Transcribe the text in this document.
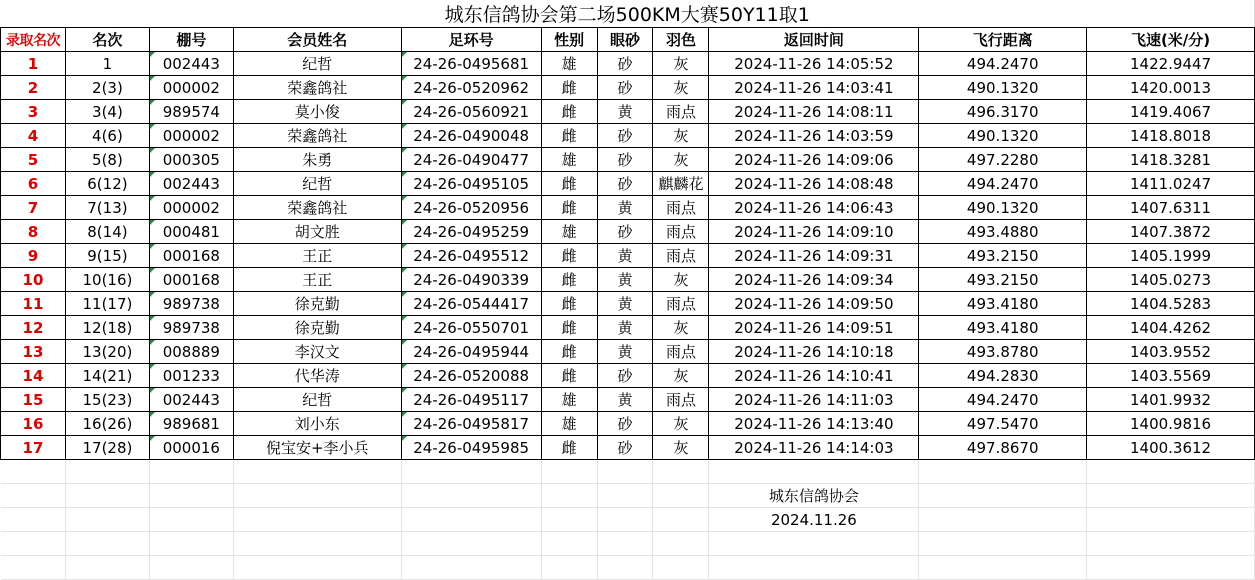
城东信鸽协会第二场500KM大赛50Y11取1										
录取名次	名次	棚号	会员姓名	足环号	性别	眼砂	羽色	返回时间	飞行距离	飞速(米/分)
1	1	002443	纪哲	24-26-0495681	雄	砂	灰	2024-11-26 14:05:52	494.2470	1422.9447
2	2(3)	000002	荣鑫鸽社	24-26-0520962	雌	砂	灰	2024-11-26 14:03:41	490.1320	1420.0013
3	3(4)	989574	莫小俊	24-26-0560921	雌	黄	雨点	2024-11-26 14:08:11	496.3170	1419.4067
4	4(6)	000002	荣鑫鸽社	24-26-0490048	雌	砂	灰	2024-11-26 14:03:59	490.1320	1418.8018
5	5(8)	000305	朱勇	24-26-0490477	雄	砂	灰	2024-11-26 14:09:06	497.2280	1418.3281
6	6(12)	002443	纪哲	24-26-0495105	雌	砂	麒麟花	2024-11-26 14:08:48	494.2470	1411.0247
7	7(13)	000002	荣鑫鸽社	24-26-0520956	雌	黄	雨点	2024-11-26 14:06:43	490.1320	1407.6311
8	8(14)	000481	胡文胜	24-26-0495259	雄	砂	雨点	2024-11-26 14:09:10	493.4880	1407.3872
9	9(15)	000168	王正	24-26-0495512	雌	黄	雨点	2024-11-26 14:09:31	493.2150	1405.1999
10	10(16)	000168	王正	24-26-0490339	雌	黄	灰	2024-11-26 14:09:34	493.2150	1405.0273
11	11(17)	989738	徐克勤	24-26-0544417	雌	黄	雨点	2024-11-26 14:09:50	493.4180	1404.5283
12	12(18)	989738	徐克勤	24-26-0550701	雌	黄	灰	2024-11-26 14:09:51	493.4180	1404.4262
13	13(20)	008889	李汉文	24-26-0495944	雌	黄	雨点	2024-11-26 14:10:18	493.8780	1403.9552
14	14(21)	001233	代华涛	24-26-0520088	雌	砂	灰	2024-11-26 14:10:41	494.2830	1403.5569
15	15(23)	002443	纪哲	24-26-0495117	雄	黄	雨点	2024-11-26 14:11:03	494.2470	1401.9932
16	16(26)	989681	刘小东	24-26-0495817	雄	砂	灰	2024-11-26 14:13:40	497.5470	1400.9816
17	17(28)	000016	倪宝安+李小兵	24-26-0495985	雌	砂	灰	2024-11-26 14:14:03	497.8670	1400.3612

								城东信鸽协会		
								2024.11.26		
